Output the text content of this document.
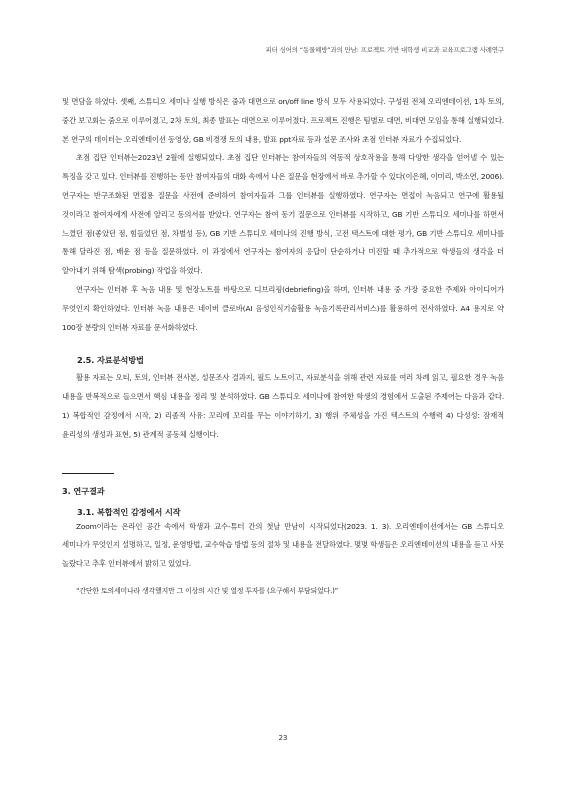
피터 싱어의 “동물해방”과의 만남: 프로젝트 기반 대학생 비교과 교육프로그램 사례연구

및 면담을 하였다. 셋째, 스튜디오 세미나 실행 방식은 줌과 대면으로 on/off line 방식 모두 사용되었다. 구성원 전체 오리엔테이션, 1차 토의, 중간 보고회는 줌으로 이루어졌고, 2차 토의, 최종 발표는 대면으로 이루어졌다. 프로젝트 진행은 팀별로 대면, 비대면 모임을 통해 실행되었다. 본 연구의 데이터는 오리엔테이션 동영상, GB 비경쟁 토의 내용, 발표 ppt자료 등과 설문 조사와 초점 인터뷰 자료가 수집되었다.

초점 집단 인터뷰는2023년 2월에 실행되었다. 초점 집단 인터뷰는 참여자들의 역동적 상호작용을 통해 다양한 생각을 얻어낼 수 있는 특징을 갖고 있다. 인터뷰를 진행하는 동안 참여자들의 대화 속에서 나온 질문을 현장에서 바로 추가할 수 있다(이은혜, 이미리, 박소연, 2006). 연구자는 반구조화된 면접용 질문을 사전에 준비하여 참여자들과 그룹 인터뷰를 실행하였다. 연구자는 면접이 녹음되고 연구에 활용될 것이라고 참여자에게 사전에 알리고 동의서를 받았다. 연구자는 참여 동기 질문으로 인터뷰를 시작하고, GB 기반 스튜디오 세미나를 하면서 느꼈던 점(좋았던 점, 힘들었던 점, 차별성 등), GB 기반 스튜디오 세미나의 진행 방식, 고전 텍스트에 대한 평가, GB 기반 스튜디오 세미나를 통해 달라진 점, 배운 점 등을 질문하였다. 이 과정에서 연구자는 참여자의 응답이 단순하거나 미진할 때 추가적으로 학생들의 생각을 더 알아내기 위해 탐색(probing) 작업을 하였다.

연구자는 인터뷰 후 녹음 내용 및 현장노트를 바탕으로 디브리핑(debriefing)을 하며, 인터뷰 내용 중 가장 중요한 주제와 아이디어가 무엇인지 확인하였다. 인터뷰 녹음 내용은 네이버 클로바(AI 음성인식기술활용 녹음기록관리서비스)를 활용하여 전사하였다. A4 용지로 약 100장 분량의 인터뷰 자료를 문서화하였다.

2.5. 자료분석방법

활용 자료는 오티, 토의, 인터뷰 전사본, 설문조사 결과지, 필드 노트이고, 자료분석을 위해 관련 자료를 여러 차례 읽고, 필요한 경우 녹음 내용을 반복적으로 들으면서 핵심 내용을 정리 및 분석하였다. GB 스튜디오 세미나에 참여한 학생의 경험에서 도출된 주제어는 다음과 같다. 1) 복합적인 감정에서 시작, 2) 리좀적 사유: 꼬리에 꼬리를 무는 이야기하기, 3) 행위 주체성을 가진 텍스트의 수행력 4) 다성성: 잠재적 윤리성의 생성과 표현, 5) 관계적 공동체 실행이다.

3. 연구결과
3.1. 복합적인 감정에서 시작

Zoom이라는 온라인 공간 속에서 학생과 교수-튜터 간의 첫날 만남이 시작되었다(2023. 1. 3). 오리엔테이션에서는 GB 스튜디오 세미나가 무엇인지 설명하고, 일정, 운영방법, 교수학습 방법 등의 절차 및 내용을 전달하였다. 몇몇 학생들은 오리엔테이션의 내용을 듣고 사뭇 놀랐다고 추후 인터뷰에서 밝히고 있었다.

“간단한 토의세미나라 생각했지만 그 이상의 시간 및 열정 투자를 (요구해서 부담되었다.)”
23
